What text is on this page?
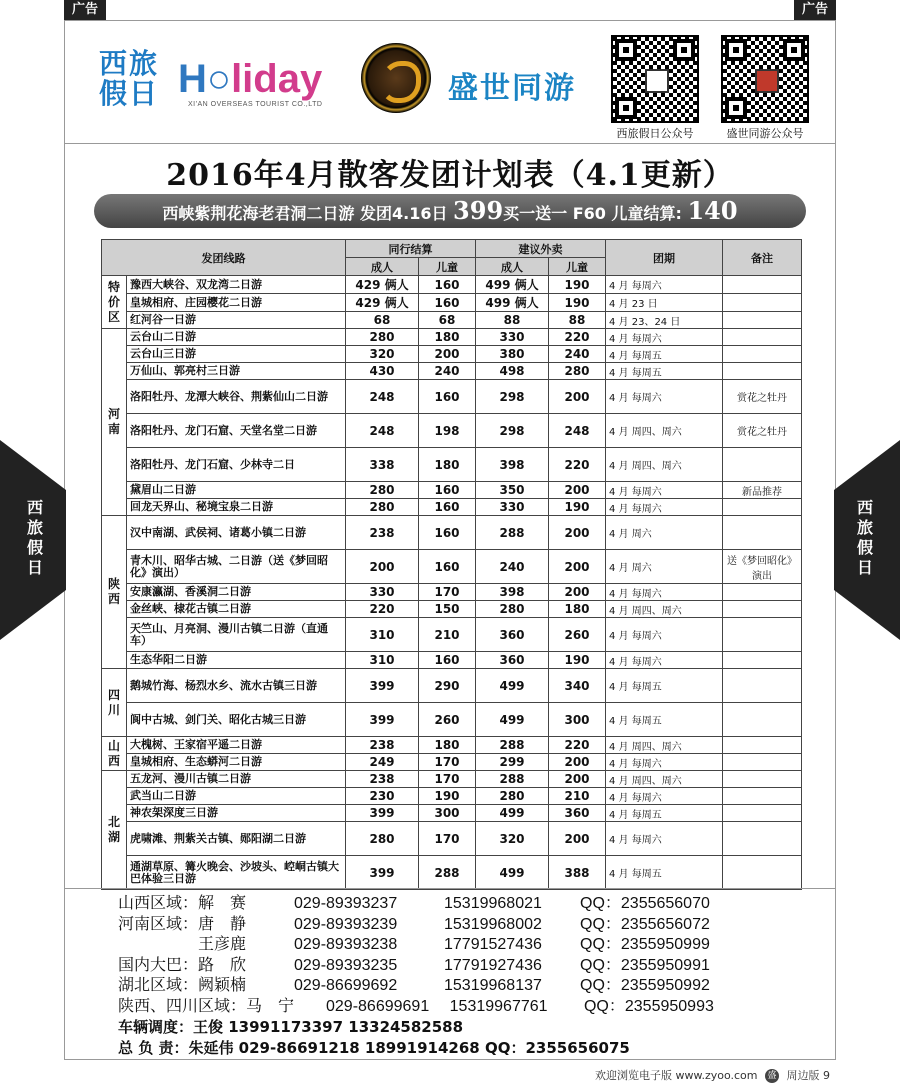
广告	广告
西旅假日 H○liday
XI'AN OVERSEAS TOURIST CO.,LTD	盛世同游
西旅假日公众号	盛世同游公众号
2016年4月散客发团计划表（4.1更新）
西峡紫荆花海老君洞二日游 发团4.16日 399买一送一 F60 儿童结算: 140
发团线路		同行结算		建议外卖		团期	备注
		成人	儿童	成人	儿童		
特
价
区	豫西大峡谷、双龙湾二日游	429 俩人	160	499 俩人	190	4 月 每周六	
	皇城相府、庄园樱花二日游	429 俩人	160	499 俩人	190	4 月 23 日	
	红河谷一日游	68	68	88	88	4 月 23、24 日	
河
南	云台山二日游	280	180	330	220	4 月 每周六	
	云台山三日游	320	200	380	240	4 月 每周五	
	万仙山、郭亮村三日游	430	240	498	280	4 月 每周五	
	洛阳牡丹、龙潭大峡谷、荆紫仙山二日游	248	160	298	200	4 月 每周六	赏花之牡丹
	洛阳牡丹、龙门石窟、天堂名堂二日游	248	198	298	248	4 月 周四、周六	赏花之牡丹
	洛阳牡丹、龙门石窟、少林寺二日	338	180	398	220	4 月 周四、周六	
	黛眉山二日游	280	160	350	200	4 月 每周六	新品推荐
	回龙天界山、秘境宝泉二日游	280	160	330	190	4 月 每周六	
陕
西	汉中南湖、武侯祠、诸葛小镇二日游	238	160	288	200	4 月 周六	
	青木川、昭华古城、二日游（送《梦回昭化》演出）	200	160	240	200	4 月 周六	送《梦回昭化》演出
	安康瀛湖、香溪洞二日游	330	170	398	200	4 月 每周六	
	金丝峡、棣花古镇二日游	220	150	280	180	4 月 周四、周六	
	天竺山、月亮洞、漫川古镇二日游（直通车）	310	210	360	260	4 月 每周六	
	生态华阳二日游	310	160	360	190	4 月 每周六	
四
川	鹅城竹海、杨烈水乡、流水古镇三日游	399	290	499	340	4 月 每周五	
	阆中古城、剑门关、昭化古城三日游	399	260	499	300	4 月 每周五	
山
西	大槐树、王家宿平遥二日游	238	180	288	220	4 月 周四、周六	
	皇城相府、生态蟒河二日游	249	170	299	200	4 月 每周六	
北
湖	五龙河、漫川古镇二日游	238	170	288	200	4 月 周四、周六	
	武当山二日游	230	190	280	210	4 月 每周六	
	神农架深度三日游	399	300	499	360	4 月 每周五	
	虎啸滩、荆紫关古镇、郧阳湖二日游	280	170	320	200	4 月 每周六	
	通湖草原、篝火晚会、沙坡头、崆峒古镇大巴体验三日游	399	288	499	388	4 月 每周五	
西
旅
假
日
西
旅
假
日
山西区域：解　赛	029-89393237	15319968021 QQ：2355656070
河南区域：唐　静	029-89393239	15319968002 QQ：2355656072
　　　　　王彦鹿	029-89393238	17791527436 QQ：2355950999
国内大巴：路　欣	029-89393235	17791927436 QQ：2355950991
湖北区域：阙颖楠	029-86699692	15319968137 QQ：2355950992
陕西、四川区域：马　宁　　029-86699691　 15319967761　　 QQ：2355950993
车辆调度：王俊 13991173397 13324582588
总 负 责：朱延伟 029-86691218 18991914268 QQ：2355656075
欢迎浏览电子版 www.zyoo.com 盛 周边版 9
